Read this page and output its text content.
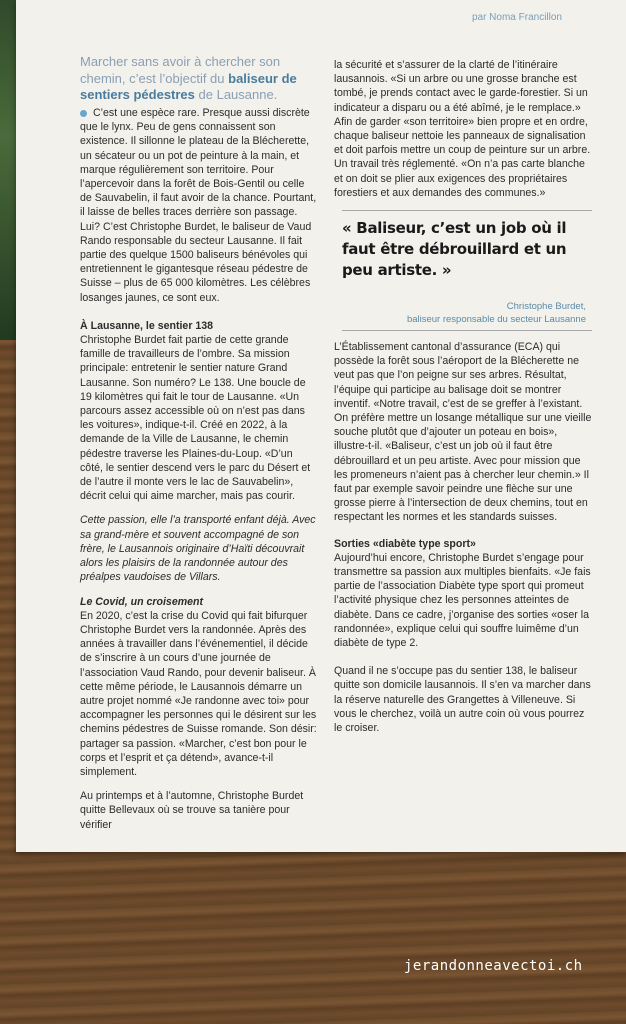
par Noma Francillon
Marcher sans avoir à chercher son chemin, c’est l’objectif du baliseur de sentiers pédestres de Lausanne.

C’est une espèce rare. Presque aussi discrète que le lynx. Peu de gens connaissent son existence. Il sillonne le plateau de la Blécherette, un sécateur ou un pot de peinture à la main, et marque régulièrement son territoire. Pour l’apercevoir dans la forêt de Bois-Gentil ou celle de Sauvabelin, il faut avoir de la chance. Pourtant, il laisse de belles traces derrière son passage. Lui? C’est Christophe Burdet, le baliseur de Vaud Rando responsable du secteur Lausanne. Il fait partie des quelque 1500 baliseurs bénévoles qui entretiennent le gigantesque réseau pédestre de Suisse – plus de 65 000 kilomètres. Les célèbres losanges jaunes, ce sont eux.

À Lausanne, le sentier 138
Christophe Burdet fait partie de cette grande famille de travailleurs de l’ombre. Sa mission principale: entretenir le sentier nature Grand Lausanne. Son numéro? Le 138. Une boucle de 19 kilomètres qui fait le tour de Lausanne. «Un parcours assez accessible où on n’est pas dans les voitures», indique-t-il. Créé en 2022, à la demande de la Ville de Lausanne, le chemin pédestre traverse les Plaines-du-Loup. «D’un côté, le sentier descend vers le parc du Désert et de l’autre il monte vers le lac de Sauvabelin», décrit celui qui aime marcher, mais pas courir.

Cette passion, elle l’a transporté enfant déjà. Avec sa grand-mère et souvent accompagné de son frère, le Lausannois originaire d’Haïti découvrait alors les plaisirs de la randonnée autour des préalpes vaudoises de Villars.

Le Covid, un croisement
En 2020, c’est la crise du Covid qui fait bifurquer Christophe Burdet vers la randonnée. Après des années à travailler dans l’événementiel, il décide de s’inscrire à un cours d’une journée de l’association Vaud Rando, pour devenir baliseur. À cette même période, le Lausannois démarre un autre projet nommé «Je randonne avec toi» pour accompagner les personnes qui le désirent sur les chemins pédestres de Suisse romande. Son désir: partager sa passion. «Marcher, c’est bon pour le corps et l’esprit et ça détend», avance-t-il simplement.

Au printemps et à l’automne, Christophe Burdet quitte Bellevaux où se trouve sa tanière pour vérifier

la sécurité et s’assurer de la clarté de l’itinéraire lausannois. «Si un arbre ou une grosse branche est tombé, je prends contact avec le garde-forestier. Si un indicateur a disparu ou a été abîmé, je le remplace.» Afin de garder «son territoire» bien propre et en ordre, chaque baliseur nettoie les panneaux de signalisation et doit parfois mettre un coup de peinture sur un arbre. Un travail très réglementé. «On n’a pas carte blanche et on doit se plier aux exigences des propriétaires forestiers et aux demandes des communes.»

« Baliseur, c’est un job où il faut être débrouillard et un peu artiste. »
Christophe Burdet,
baliseur responsable du secteur Lausanne

L’Établissement cantonal d’assurance (ECA) qui possède la forêt sous l’aéroport de la Blécherette ne veut pas que l’on peigne sur ses arbres. Résultat, l’équipe qui participe au balisage doit se montrer inventif. «Notre travail, c’est de se greffer à l’existant. On préfère mettre un losange métallique sur une vieille souche plutôt que d’ajouter un poteau en bois», illustre-t-il. «Baliseur, c’est un job où il faut être débrouillard et un peu artiste. Avec pour mission que les promeneurs n’aient pas à chercher leur chemin.» Il faut par exemple savoir peindre une flèche sur une grosse pierre à l’intersection de deux chemins, tout en respectant les normes et les standards suisses.

Sorties «diabète type sport»
Aujourd’hui encore, Christophe Burdet s’engage pour transmettre sa passion aux multiples bienfaits. «Je fais partie de l’association Diabète type sport qui promeut l’activité physique chez les personnes atteintes de diabète. Dans ce cadre, j’organise des sorties «oser la randonnée», explique celui qui souffre luimême d’un diabète de type 2.

Quand il ne s’occupe pas du sentier 138, le baliseur quitte son domicile lausannois. Il s’en va marcher dans la réserve naturelle des Grangettes à Villeneuve. Si vous le cherchez, voilà un autre coin où vous pourrez le croiser.

jerandonneavectoi.ch
